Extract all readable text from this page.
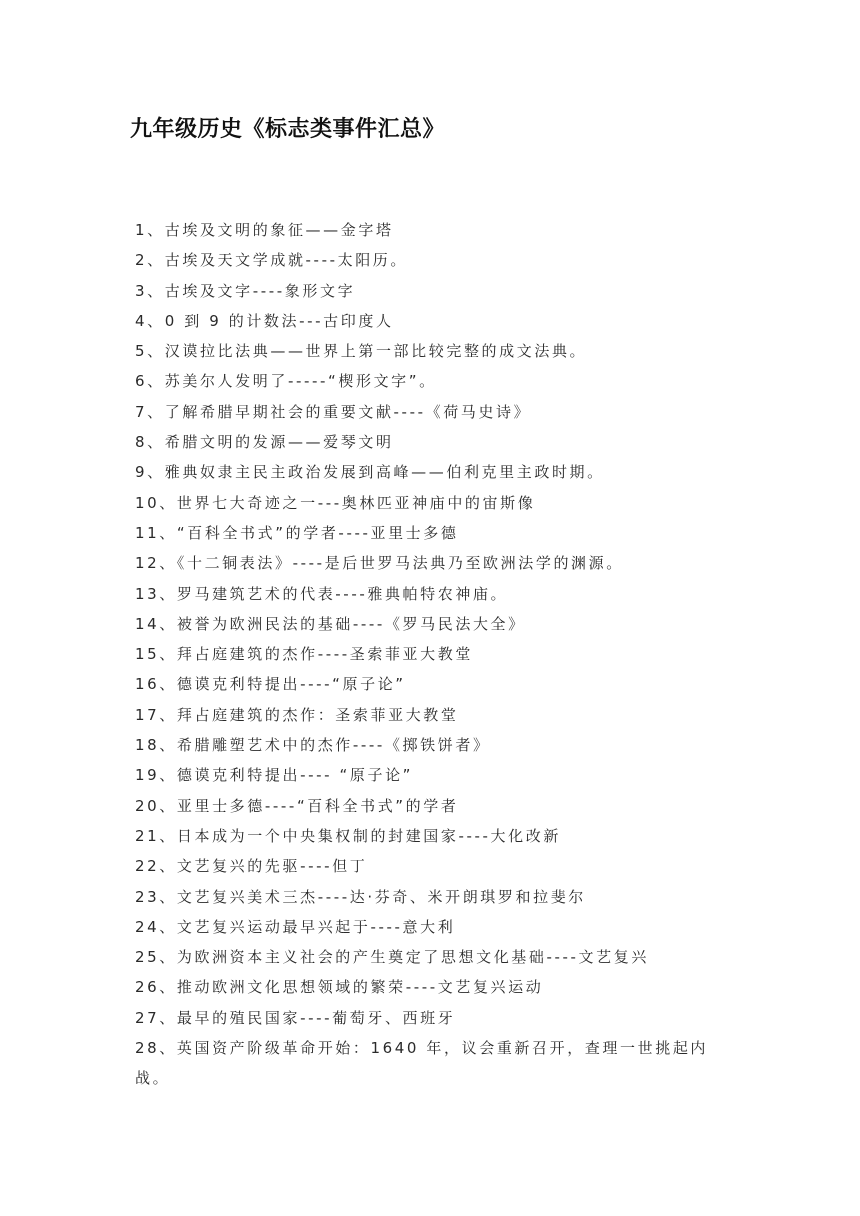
九年级历史《标志类事件汇总》
1、古埃及文明的象征——金字塔
2、古埃及天文学成就----太阳历。
3、古埃及文字----象形文字
4、0 到 9 的计数法---古印度人
5、汉谟拉比法典——世界上第一部比较完整的成文法典。
6、苏美尔人发明了-----“楔形文字”。
7、了解希腊早期社会的重要文献----《荷马史诗》
8、希腊文明的发源——爱琴文明
9、雅典奴隶主民主政治发展到高峰——伯利克里主政时期。
10、世界七大奇迹之一---奥林匹亚神庙中的宙斯像
11、“百科全书式”的学者----亚里士多德
12、《十二铜表法》----是后世罗马法典乃至欧洲法学的渊源。
13、罗马建筑艺术的代表----雅典帕特农神庙。
14、被誉为欧洲民法的基础----《罗马民法大全》
15、拜占庭建筑的杰作----圣索菲亚大教堂
16、德谟克利特提出----“原子论”
17、拜占庭建筑的杰作：圣索菲亚大教堂
18、希腊雕塑艺术中的杰作----《掷铁饼者》
19、德谟克利特提出---- “原子论”
20、亚里士多德----“百科全书式”的学者
21、日本成为一个中央集权制的封建国家----大化改新
22、文艺复兴的先驱----但丁
23、文艺复兴美术三杰----达·芬奇、米开朗琪罗和拉斐尔
24、文艺复兴运动最早兴起于----意大利
25、为欧洲资本主义社会的产生奠定了思想文化基础----文艺复兴
26、推动欧洲文化思想领域的繁荣----文艺复兴运动
27、最早的殖民国家----葡萄牙、西班牙
28、英国资产阶级革命开始：1640 年，议会重新召开，查理一世挑起内战。
